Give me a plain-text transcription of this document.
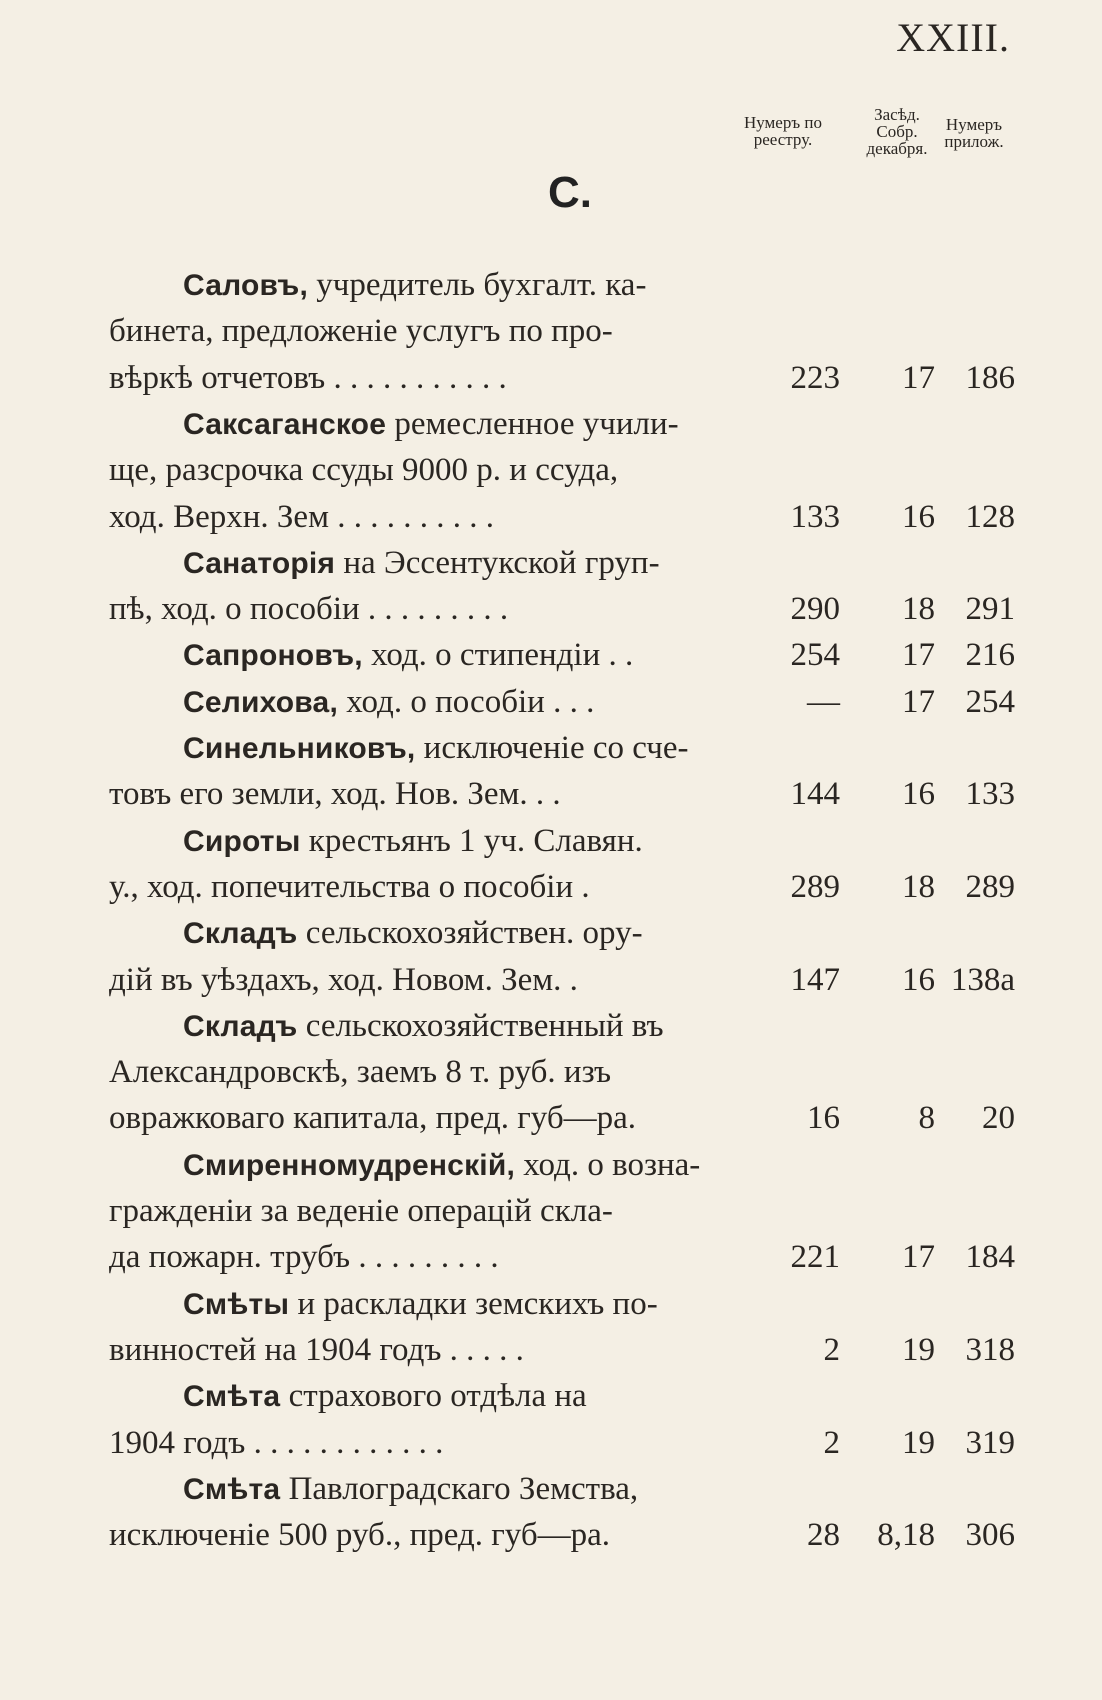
XXIII.
Нумеръ по
реестру.
Засѣд.
Собр.
декабря.
Нумеръ
прилож.
С.
Саловъ, учредитель бухгалт. ка-
бинета, предложеніе услугъ по про-
вѣркѣ отчетовъ . . . . . . . . . . .	223	17 186
Саксаганское ремесленное учили-
ще, разсрочка ссуды 9000 р. и ссуда,
ход. Верхн. Зем . . . . . . . . . .	133	16 128
Санаторія на Эссентукской груп-
пѣ, ход. о пособіи . . . . . . . . .	290	18 291
Сапроновъ, ход. о стипендіи . .	254	17 216
Селихова, ход. о пособіи . . .	—	17 254
Синельниковъ, исключеніе со сче-
товъ его земли, ход. Нов. Зем. . .	144	16 133
Сироты крестьянъ 1 уч. Славян.
у., ход. попечительства о пособіи .	289	18 289
Складъ сельскохозяйствен. ору-
дій въ уѣздахъ, ход. Новом. Зем. .	147	16 138a
Складъ сельскохозяйственный въ
Александровскѣ, заемъ 8 т. руб. изъ
овражковаго капитала, пред. губ—ра.	16	8	20
Смиренномудренскій, ход. о возна-
гражденіи за веденіе операцій скла-
да пожарн. трубъ . . . . . . . . .	221	17 184
Смѣты и раскладки земскихъ по-
винностей на 1904 годъ . . . . .	2	19 318
Смѣта страхового отдѣла на
1904 годъ . . . . . . . . . . . .	2	19 319
Смѣта Павлоградскаго Земства,
исключеніе 500 руб., пред. губ—ра.	28	8,18 306
